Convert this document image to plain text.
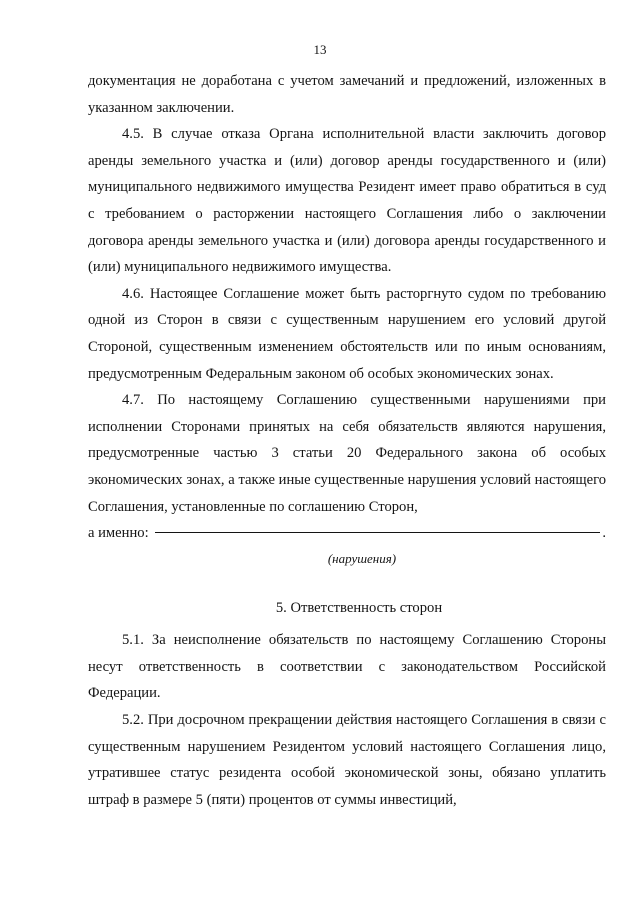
13

документация не доработана с учетом замечаний и предложений, изложенных в указанном заключении.

4.5. В случае отказа Органа исполнительной власти заключить договор аренды земельного участка и (или) договор аренды государственного и (или) муниципального недвижимого имущества Резидент имеет право обратиться в суд с требованием о расторжении настоящего Соглашения либо о заключении договора аренды земельного участка и (или) договора аренды государственного и (или) муниципального недвижимого имущества.

4.6. Настоящее Соглашение может быть расторгнуто судом по требованию одной из Сторон в связи с существенным нарушением его условий другой Стороной, существенным изменением обстоятельств или по иным основаниям, предусмотренным Федеральным законом об особых экономических зонах.

4.7. По настоящему Соглашению существенными нарушениями при исполнении Сторонами принятых на себя обязательств являются нарушения, предусмотренные частью 3 статьи 20 Федерального закона об особых экономических зонах, а также иные существенные нарушения условий настоящего Соглашения, установленные по соглашению Сторон,

а именно:	.
(нарушения)
5. Ответственность сторон

5.1. За неисполнение обязательств по настоящему Соглашению Стороны несут ответственность в соответствии с законодательством Российской Федерации.

5.2. При досрочном прекращении действия настоящего Соглашения в связи с существенным нарушением Резидентом условий настоящего Соглашения лицо, утратившее статус резидента особой экономической зоны, обязано уплатить штраф в размере 5 (пяти) процентов от суммы инвестиций,
